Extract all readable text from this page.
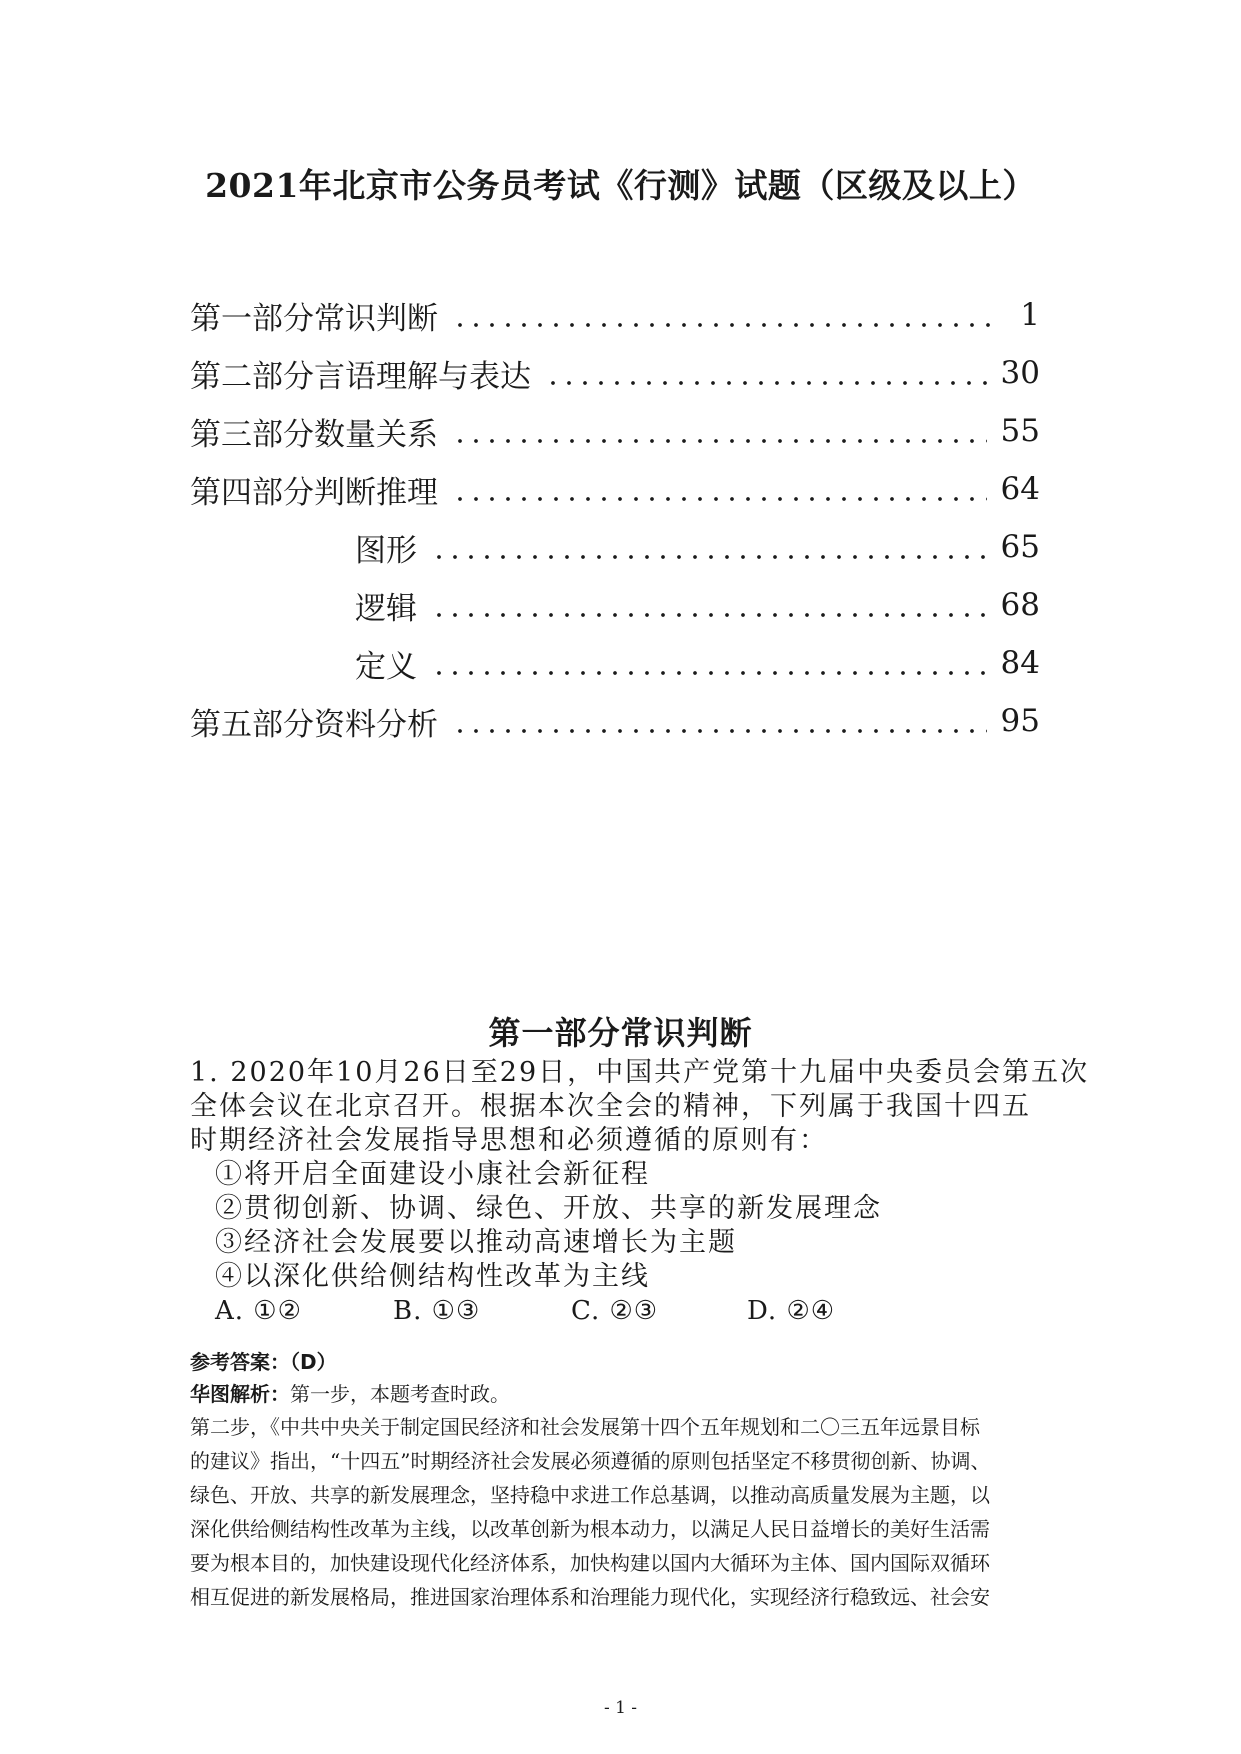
2021年北京市公务员考试《行测》试题（区级及以上）
第一部分常识判断	1
第二部分言语理解与表达	30
第三部分数量关系	55
第四部分判断推理	64
图形	65
逻辑	68
定义	84
第五部分资料分析	95
第一部分常识判断
1. 2020年10月26日至29日，中国共产党第十九届中央委员会第五次
全体会议在北京召开。根据本次全会的精神，下列属于我国十四五
时期经济社会发展指导思想和必须遵循的原则有：
①将开启全面建设小康社会新征程
②贯彻创新、协调、绿色、开放、共享的新发展理念
③经济社会发展要以推动高速增长为主题
④以深化供给侧结构性改革为主线
A. ①②	B. ①③	C. ②③	D. ②④
参考答案：（D）
华图解析：第一步，本题考查时政。
第二步，《中共中央关于制定国民经济和社会发展第十四个五年规划和二〇三五年远景目标
的建议》指出，“十四五”时期经济社会发展必须遵循的原则包括坚定不移贯彻创新、协调、
绿色、开放、共享的新发展理念，坚持稳中求进工作总基调，以推动高质量发展为主题，以
深化供给侧结构性改革为主线，以改革创新为根本动力，以满足人民日益增长的美好生活需
要为根本目的，加快建设现代化经济体系，加快构建以国内大循环为主体、国内国际双循环
相互促进的新发展格局，推进国家治理体系和治理能力现代化，实现经济行稳致远、社会安
- 1 -
